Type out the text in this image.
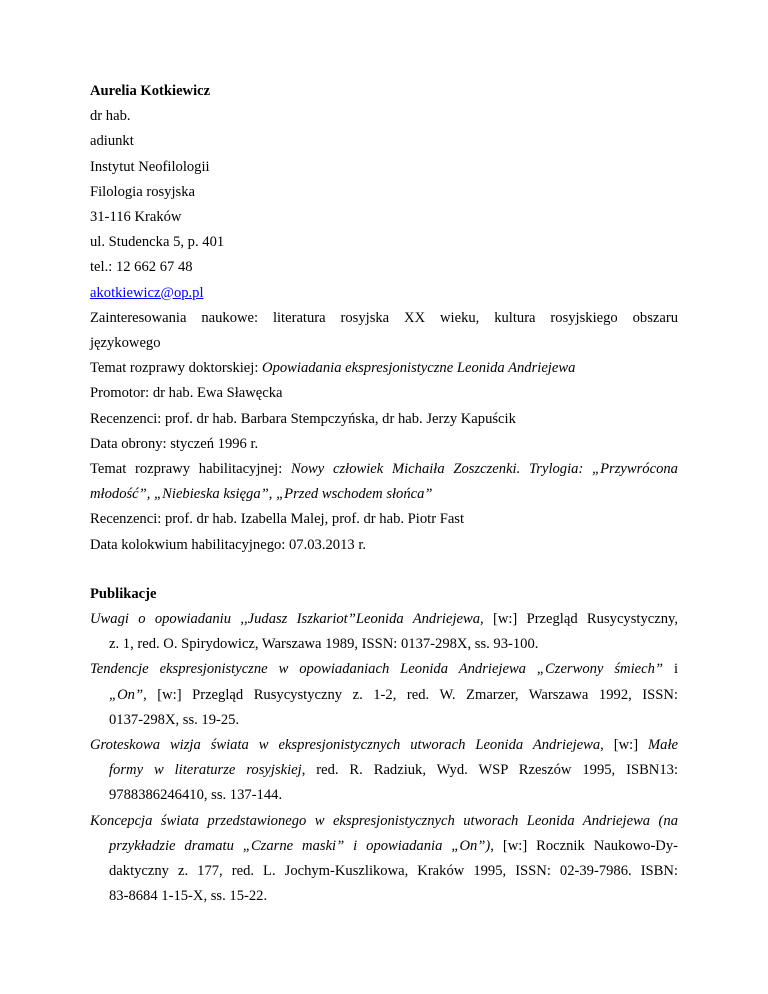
Aurelia Kotkiewicz
dr hab.
adiunkt
Instytut Neofilologii
Filologia rosyjska
31-116 Kraków
ul. Studencka 5, p. 401
tel.: 12 662 67 48
akotkiewicz@op.pl
Zainteresowania naukowe: literatura rosyjska XX wieku, kultura rosyjskiego obszaru
językowego
Temat rozprawy doktorskiej: Opowiadania ekspresjonistyczne Leonida Andriejewa
Promotor: dr hab. Ewa Sławęcka
Recenzenci: prof. dr hab. Barbara Stempczyńska, dr hab. Jerzy Kapuścik
Data obrony: styczeń 1996 r.
Temat rozprawy habilitacyjnej: Nowy człowiek Michaiła Zoszczenki. Trylogia: „Przywrócona
młodość”, „Niebieska księga”, „Przed wschodem słońca”
Recenzenci: prof. dr hab. Izabella Malej, prof. dr hab. Piotr Fast
Data kolokwium habilitacyjnego: 07.03.2013 r.
Publikacje
Uwagi o opowiadaniu ,,Judasz Iszkariot”Leonida Andriejewa, [w:] Przegląd Rusycystyczny,
z. 1, red. O. Spirydowicz, Warszawa 1989, ISSN: 0137-298X, ss. 93-100.
Tendencje ekspresjonistyczne w opowiadaniach Leonida Andriejewa „Czerwony śmiech” i
„On”, [w:] Przegląd Rusycystyczny z. 1-2, red. W. Zmarzer, Warszawa 1992, ISSN:
0137-298X, ss. 19-25.
Groteskowa wizja świata w ekspresjonistycznych utworach Leonida Andriejewa, [w:] Małe
formy w literaturze rosyjskiej, red. R. Radziuk, Wyd. WSP Rzeszów 1995, ISBN13:
9788386246410, ss. 137-144.
Koncepcja świata przedstawionego w ekspresjonistycznych utworach Leonida Andriejewa (na
przykładzie dramatu „Czarne maski” i opowiadania „On”), [w:] Rocznik Naukowo-Dy-
daktyczny z. 177, red. L. Jochym-Kuszlikowa, Kraków 1995, ISSN: 02-39-7986. ISBN:
83-8684 1-15-X, ss. 15-22.
